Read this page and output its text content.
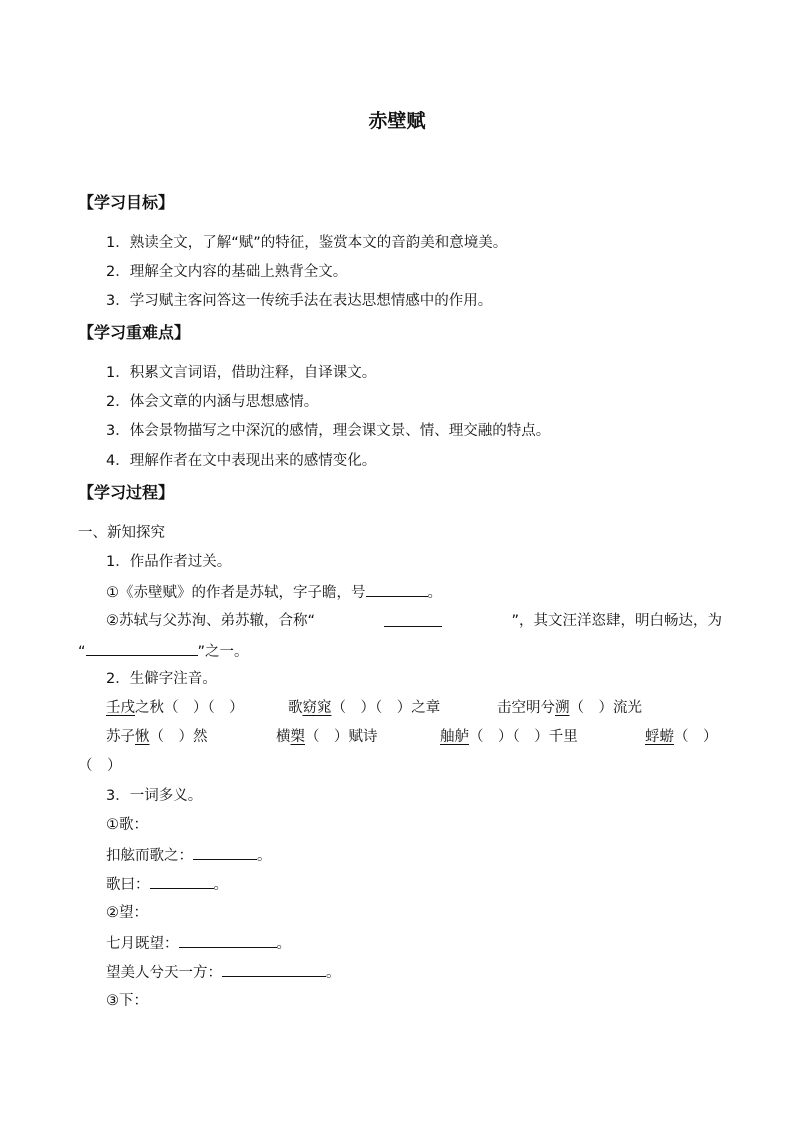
赤壁赋
【学习目标】
1．熟读全文，了解“赋”的特征，鉴赏本文的音韵美和意境美。
2．理解全文内容的基础上熟背全文。
3．学习赋主客问答这一传统手法在表达思想情感中的作用。
【学习重难点】
1．积累文言词语，借助注释，自译课文。
2．体会文章的内涵与思想感情。
3．体会景物描写之中深沉的感情，理会课文景、情、理交融的特点。
4．理解作者在文中表现出来的感情变化。
【学习过程】
一、新知探究
1．作品作者过关。
①《赤壁赋》的作者是苏轼，字子瞻，号	。
②苏轼与父苏洵、弟苏辙，合称“	”，其文汪洋恣肆，明白畅达，为
“	”之一。
2．生僻字注音。
壬戌之秋（　）（　）	歌窈窕（　）（　）之章	击空明兮溯（　）流光
苏子愀（　）然	横槊（　）赋诗	舳舻（　）（　）千里	蜉蝣（　）
（　）
3．一词多义。
①歌：
扣舷而歌之：	。
歌曰：	。
②望：
七月既望：	。
望美人兮天一方：	。
③下：
